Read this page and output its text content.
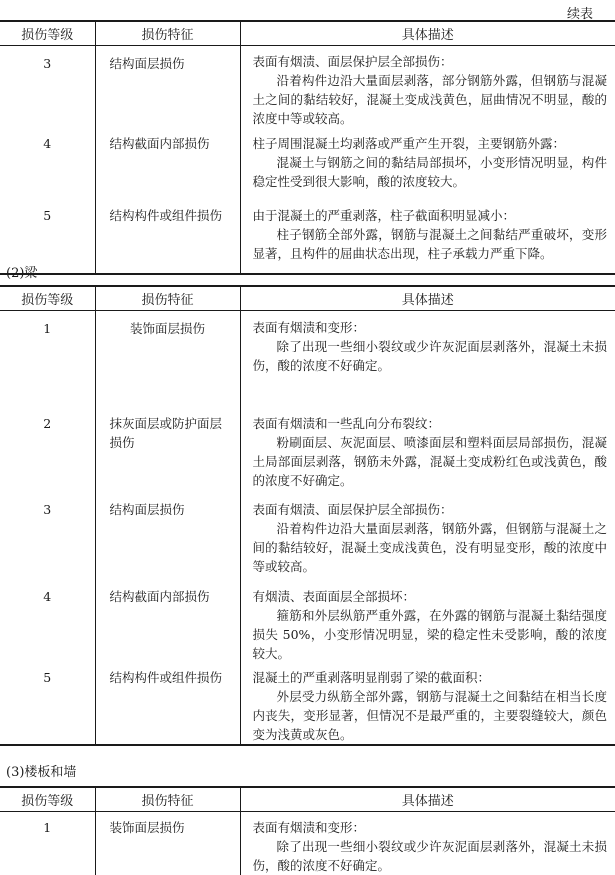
续表
损伤等级	损伤特征	具体描述
3	结构面层损伤	表面有烟渍、面层保护层全部损伤：
沿着构件边沿大量面层剥落，部分钢筋外露，但钢筋与混凝土之间的黏结较好，混凝土变成浅黄色，屈曲情况不明显，酸的浓度中等或较高。

4	结构截面内部损伤	柱子周围混凝土均剥落或严重产生开裂，主要钢筋外露：
混凝土与钢筋之间的黏结局部损坏，小变形情况明显，构件稳定性受到很大影响，酸的浓度较大。

5	结构构件或组件损伤	由于混凝土的严重剥落，柱子截面积明显减小：
柱子钢筋全部外露，钢筋与混凝土之间黏结严重破坏，变形显著，且构件的屈曲状态出现，柱子承载力严重下降。
(2)梁
损伤等级	损伤特征	具体描述
1	装饰面层损伤	表面有烟渍和变形：
除了出现一些细小裂纹或少许灰泥面层剥落外，混凝土未损伤，酸的浓度不好确定。

2	抹灰面层或防护面层损伤	表面有烟渍和一些乱向分布裂纹：
粉刷面层、灰泥面层、喷漆面层和塑料面层局部损伤，混凝土局部面层剥落，钢筋未外露，混凝土变成粉红色或浅黄色，酸的浓度不好确定。

3	结构面层损伤	表面有烟渍、面层保护层全部损伤：
沿着构件边沿大量面层剥落，钢筋外露，但钢筋与混凝土之间的黏结较好，混凝土变成浅黄色，没有明显变形，酸的浓度中等或较高。

4	结构截面内部损伤	有烟渍、表面面层全部损坏：
箍筋和外层纵筋严重外露，在外露的钢筋与混凝土黏结强度损失 50%，小变形情况明显，梁的稳定性未受影响，酸的浓度较大。

5	结构构件或组件损伤	混凝土的严重剥落明显削弱了梁的截面积：
外层受力纵筋全部外露，钢筋与混凝土之间黏结在相当长度内丧失，变形显著，但情况不是最严重的，主要裂缝较大，颜色变为浅黄或灰色。
(3)楼板和墙
损伤等级	损伤特征	具体描述
1	装饰面层损伤	表面有烟渍和变形：
除了出现一些细小裂纹或少许灰泥面层剥落外，混凝土未损伤，酸的浓度不好确定。
